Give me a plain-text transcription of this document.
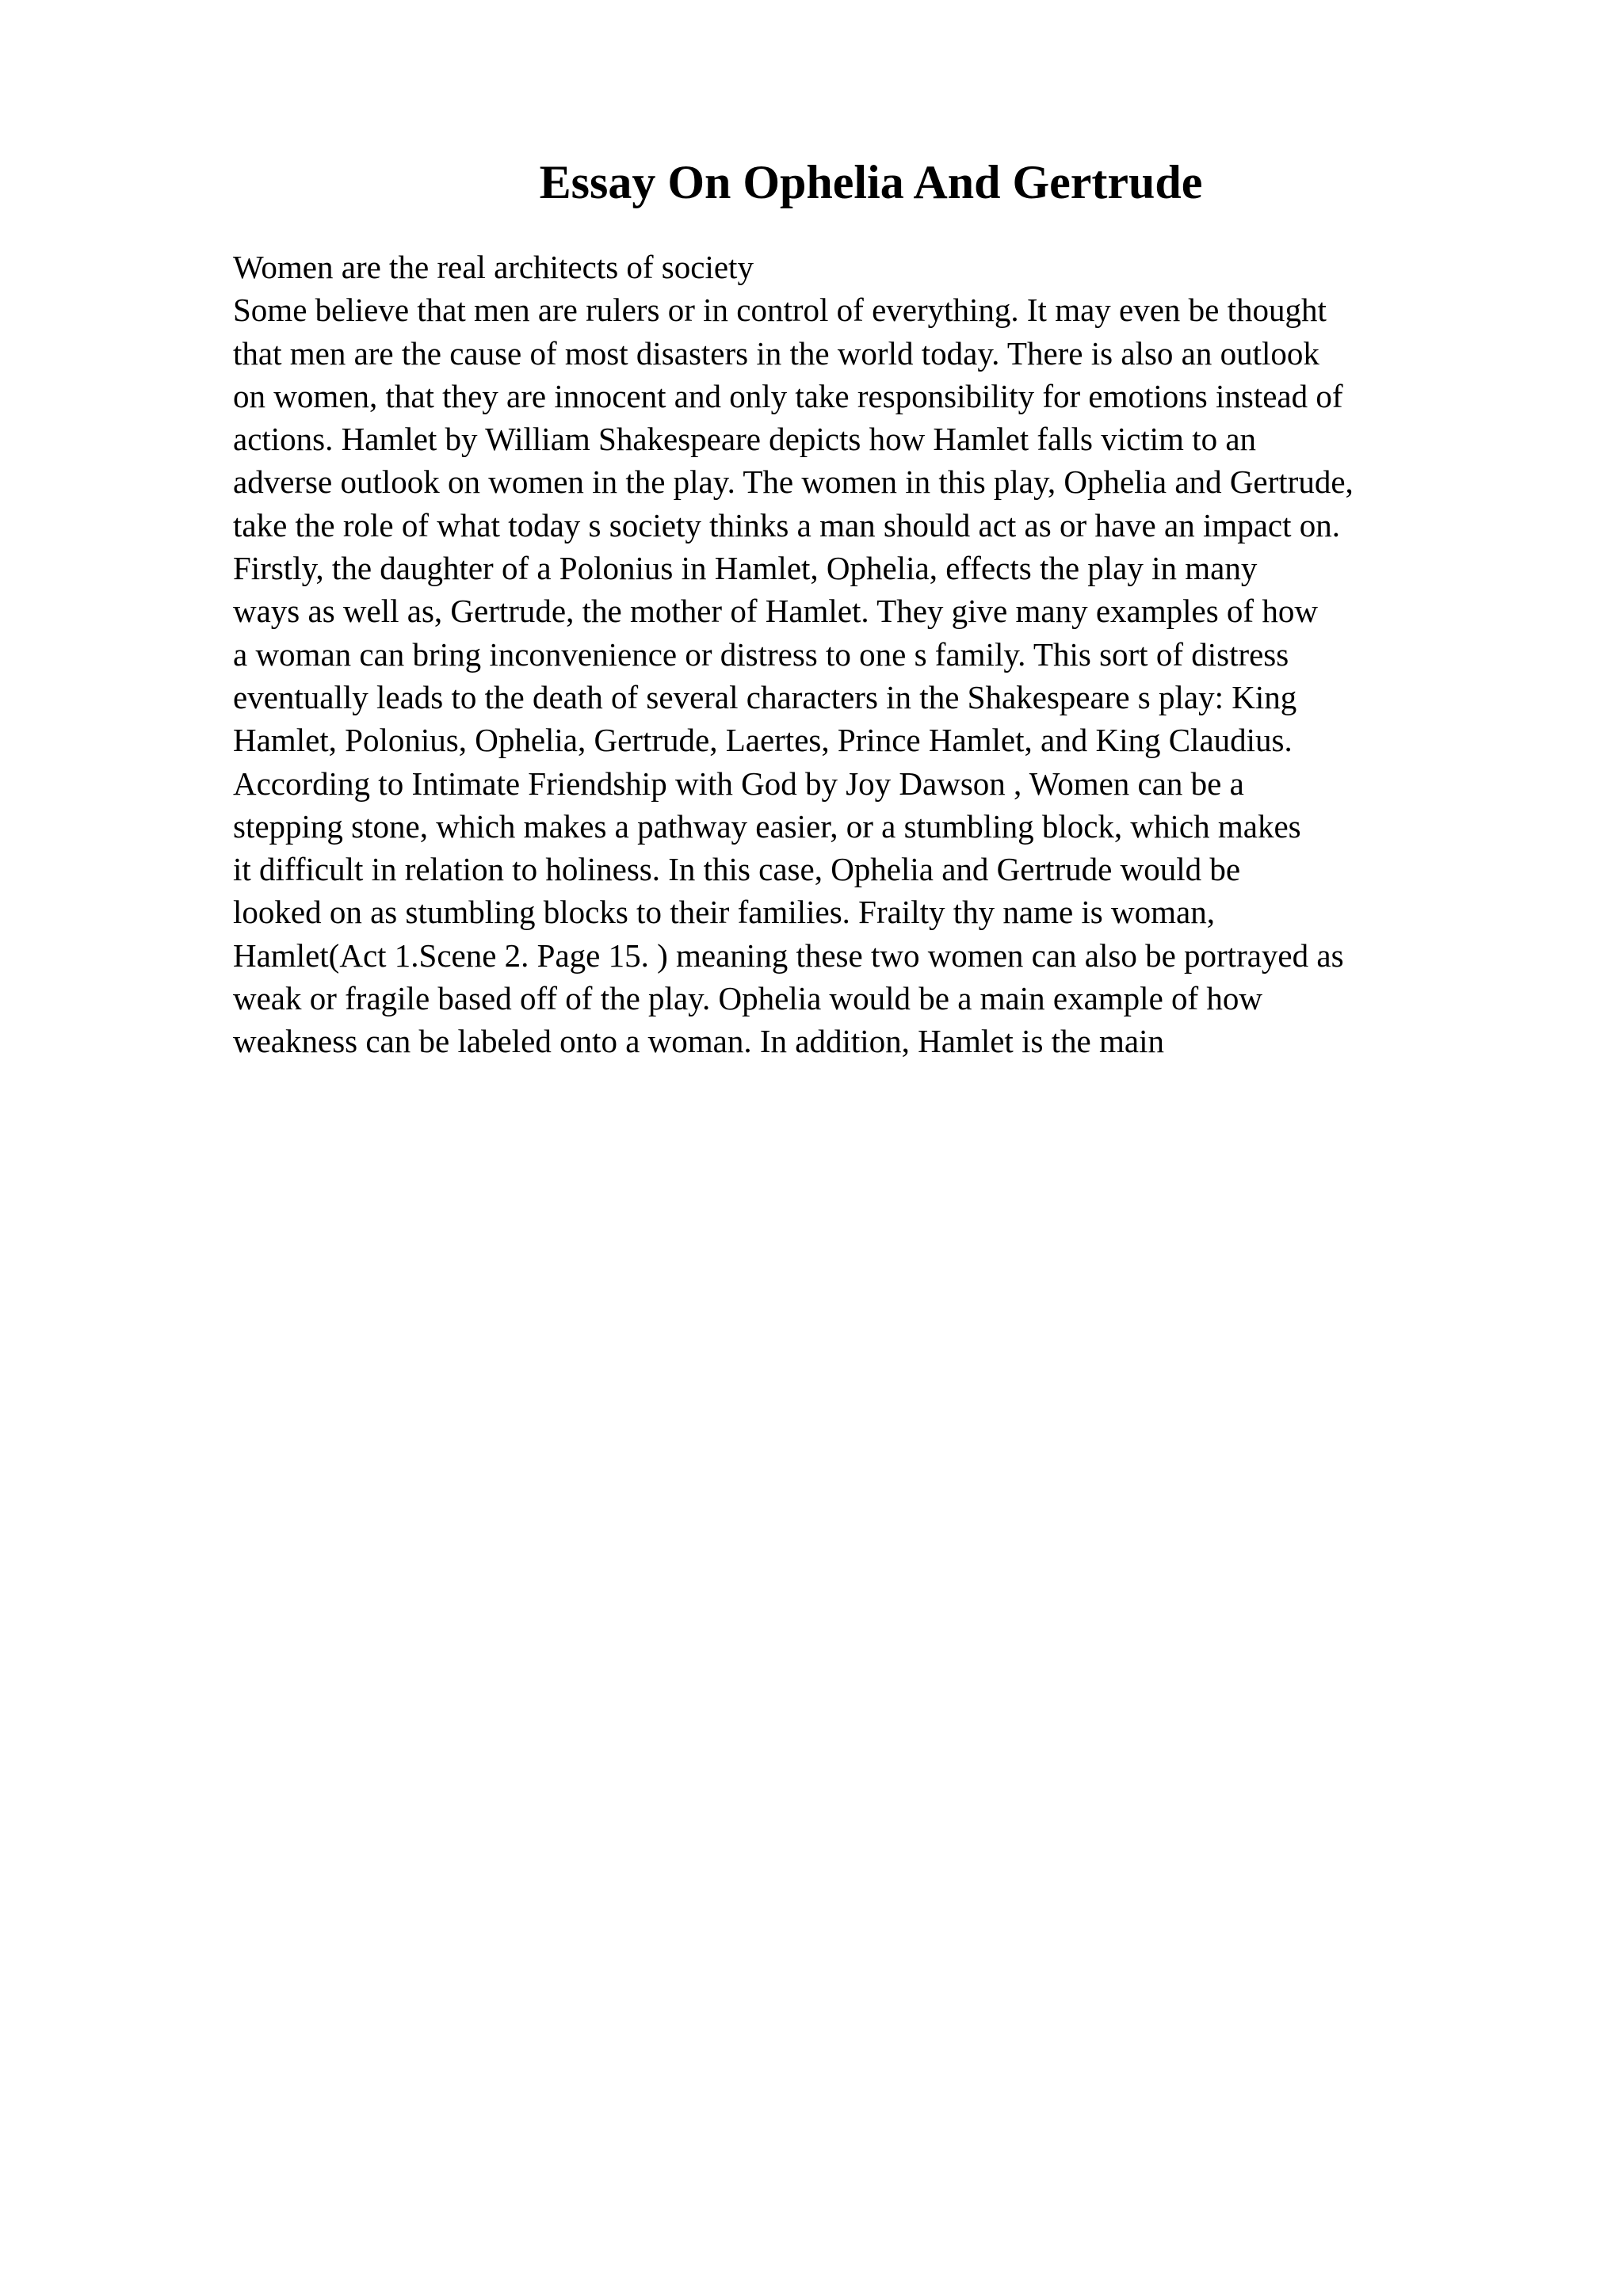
Essay On Ophelia And Gertrude
Women are the real architects of society
Some believe that men are rulers or in control of everything. It may even be thought
that men are the cause of most disasters in the world today. There is also an outlook
on women, that they are innocent and only take responsibility for emotions instead of
actions. Hamlet by William Shakespeare depicts how Hamlet falls victim to an
adverse outlook on women in the play. The women in this play, Ophelia and Gertrude,
take the role of what today s society thinks a man should act as or have an impact on.
Firstly, the daughter of a Polonius in Hamlet, Ophelia, effects the play in many
ways as well as, Gertrude, the mother of Hamlet. They give many examples of how
a woman can bring inconvenience or distress to one s family. This sort of distress
eventually leads to the death of several characters in the Shakespeare s play: King
Hamlet, Polonius, Ophelia, Gertrude, Laertes, Prince Hamlet, and King Claudius.
According to Intimate Friendship with God by Joy Dawson , Women can be a
stepping stone, which makes a pathway easier, or a stumbling block, which makes
it difficult in relation to holiness. In this case, Ophelia and Gertrude would be
looked on as stumbling blocks to their families. Frailty thy name is woman,
Hamlet(Act 1.Scene 2. Page 15. ) meaning these two women can also be portrayed as
weak or fragile based off of the play. Ophelia would be a main example of how
weakness can be labeled onto a woman. In addition, Hamlet is the main
